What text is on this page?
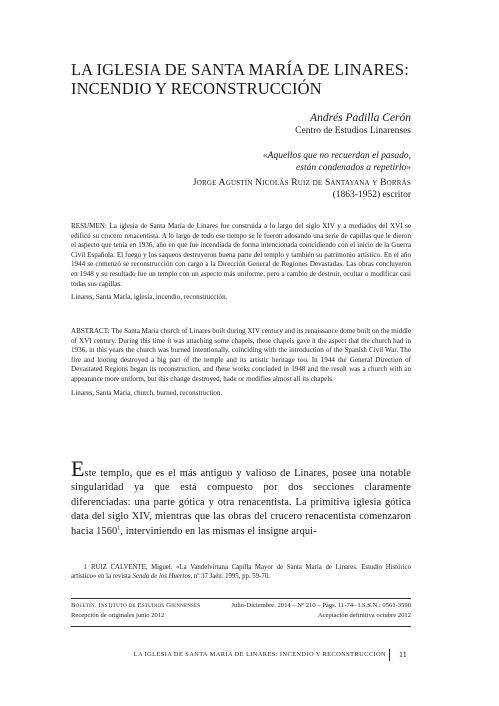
LA IGLESIA DE SANTA MARÍA DE LINARES:
INCENDIO Y RECONSTRUCCIÓN
Andrés Padilla Cerón
Centro de Estudios Linarenses
«Aquellos que no recuerdan el pasado,
están condenados a repetirlo»
Jorge Agustín Nicolás Ruiz de Santayana y Borrás
(1863-1952) escritor

RESUMEN: La iglesia de Santa María de Linares fue construida a lo largo del siglo XIV y a mediados del XVI se edificó su crucero renacentista. A lo largo de todo ese tiempo se le fueron adosando una serie de capillas que le dieron el aspecto que tenía en 1936, año en que fue incendiada de forma intencionada coincidiendo con el inicio de la Guerra Civil Española. El fuego y los saqueos destruyeron buena parte del templo y también su patrimonio artístico. En el año 1944 se comenzó se reconstrucción con cargo a la Dirección General de Regiones Devastadas. Las obras concluyeron en 1948 y su resultado fue un templo con un aspecto más uniforme, pero a cambio de destruir, ocultar o modificar casi todas sus capillas.

Linares, Santa María, iglesia, incendio, reconstrucción.

ABSTRACT: The Santa Maria church of Linares built during XIV century and its renaissance dome built on the middle of XVI century. During this time it was attaching some chapels, these chapels gave it the aspect that the church had in 1936, in this years the church was burned intentionally, coinciding with the introduction of the Spanish Civil War. The fire and looting destroyed a big part of the temple and its artistic heritage too. In 1944 the General Direction of Devastated Regions began its reconstruction, and these works concluded in 1948 and the result was a church with an appearance more uniform, but this change destroyed, hade or modifies almost all its chapels.

Linares, Santa Maria, church, burned, reconstruction.

Este templo, que es el más antiguo y valioso de Linares, posee una notable singularidad ya que está compuesto por dos secciones claramente diferenciadas: una parte gótica y otra renacentista. La primitiva iglesia gótica data del siglo XIV, mientras que las obras del crucero renacentista comenzaron hacia 1560$^1$, interviniendo en las mismas el insigne arqui-
1 RUIZ CALVENTE, Miguel. «La Vandelvirtana Capilla Mayor de Santa María de Linares. Estudio Histórico artístico» en la revista Senda de los Huertos, nº 37 Jaén. 1995, pp. 59-70.
Boletín. Instituto de Estudios Giennenses	Julio-Diciembre. 2014 – Nº 210 – Págs. 11-74– I.S.S.N.: 0561-3590
Recepción de originales junio 2012	Aceptación definitiva octubre 2012
LA IGLESIA DE SANTA MARÍA DE LINARES: INCENDIO Y RECONSTRUCCIÓN 11
